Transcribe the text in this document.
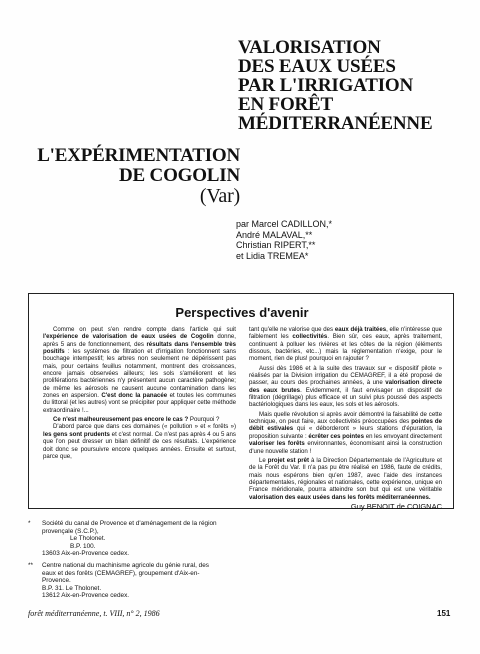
VALORISATION
DES EAUX USÉES
PAR L'IRRIGATION
EN FORÊT
MÉDITERRANÉENNE
L'EXPÉRIMENTATION
DE COGOLIN
(Var)
par Marcel CADILLON,*
André MALAVAL,**
Christian RIPERT,**
et Lidia TREMEA*
Perspectives d'avenir

Comme on peut s'en rendre compte dans l'article qui suit l'expérience de valorisation de eaux usées de Cogolin donne, après 5 ans de fonctionnement, des résultats dans l'ensemble très positifs : les systèmes de filtration et d'irrigation fonctionnent sans bouchage intempestif; les arbres non seulement ne dépérissent pas mais, pour certains feuillus notamment, montrent des croissances, encore jamais observées ailleurs; les sols s'améliorent et les proliférations bactériennes n'y présentent aucun caractère pathogène; de même les aérosols ne causent aucune contamination dans les zones en aspersion. C'est donc la panacée et toutes les communes du littoral (et les autres) vont se précipiter pour appliquer cette méthode extraordinaire !...

Ce n'est malheureusement pas encore le cas ? Pourquoi ?

D'abord parce que dans ces domaines (« pollution » et « forêts ») les gens sont prudents et c'est normal. Ce n'est pas après 4 ou 5 ans que l'on peut dresser un bilan définitif de ces résultats. L'expérience doit donc se poursuivre encore quelques années. Ensuite et surtout, parce que,

tant qu'elle ne valorise que des eaux déjà traitées, elle n'intéresse que faiblement les collectivités. Bien sûr, ces eaux, après traitement, continuent à polluer les rivières et les côtes de la région (éléments dissous, bactéries, etc...) mais la réglementation n'exige, pour le moment, rien de plus! pourquoi en rajouter ?

Aussi dès 1986 et à la suite des travaux sur « dispositif pilote » réalisés par la Division irrigation du CEMAGREF, il a été proposé de passer, au cours des prochaines années, à une valorisation directe des eaux brutes. Evidemment, il faut envisager un dispositif de filtration (dégrillage) plus efficace et un suivi plus poussé des aspects bactériologiques dans les eaux, les sols et les aérosols.

Mais quelle révolution si après avoir démontré la faisabilité de cette technique, on peut faire, aux collectivités préoccupées des pointes de débit estivales qui « déborderont » leurs stations d'épuration, la proposition suivante : écrêter ces pointes en les envoyant directement valoriser les forêts environnantes, économisant ainsi la construction d'une nouvelle station !

Le projet est prêt à la Direction Départementale de l'Agriculture et de la Forêt du Var. Il n'a pas pu être réalisé en 1986, faute de crédits, mais nous espérons bien qu'en 1987, avec l'aide des instances départementales, régionales et nationales, cette expérience, unique en France méridionale, pourra atteindre son but qui est une véritable valorisation des eaux usées dans les forêts méditerranéennes.

Guy BENOIT de COIGNAC
* Société du canal de Provence et d'aménagement de la région provençale (S.C.P.),
Le Tholonet.
B.P. 100.
13603 Aix-en-Provence cedex.
** Centre national du machinisme agricole du génie rural, des eaux et des forêts (CEMAGREF), groupement d'Aix-en-Provence.
B.P. 31. Le Tholonet.
13612 Aix-en-Provence cedex.
forêt méditerranéenne, t. VIII, n° 2, 1986	151
